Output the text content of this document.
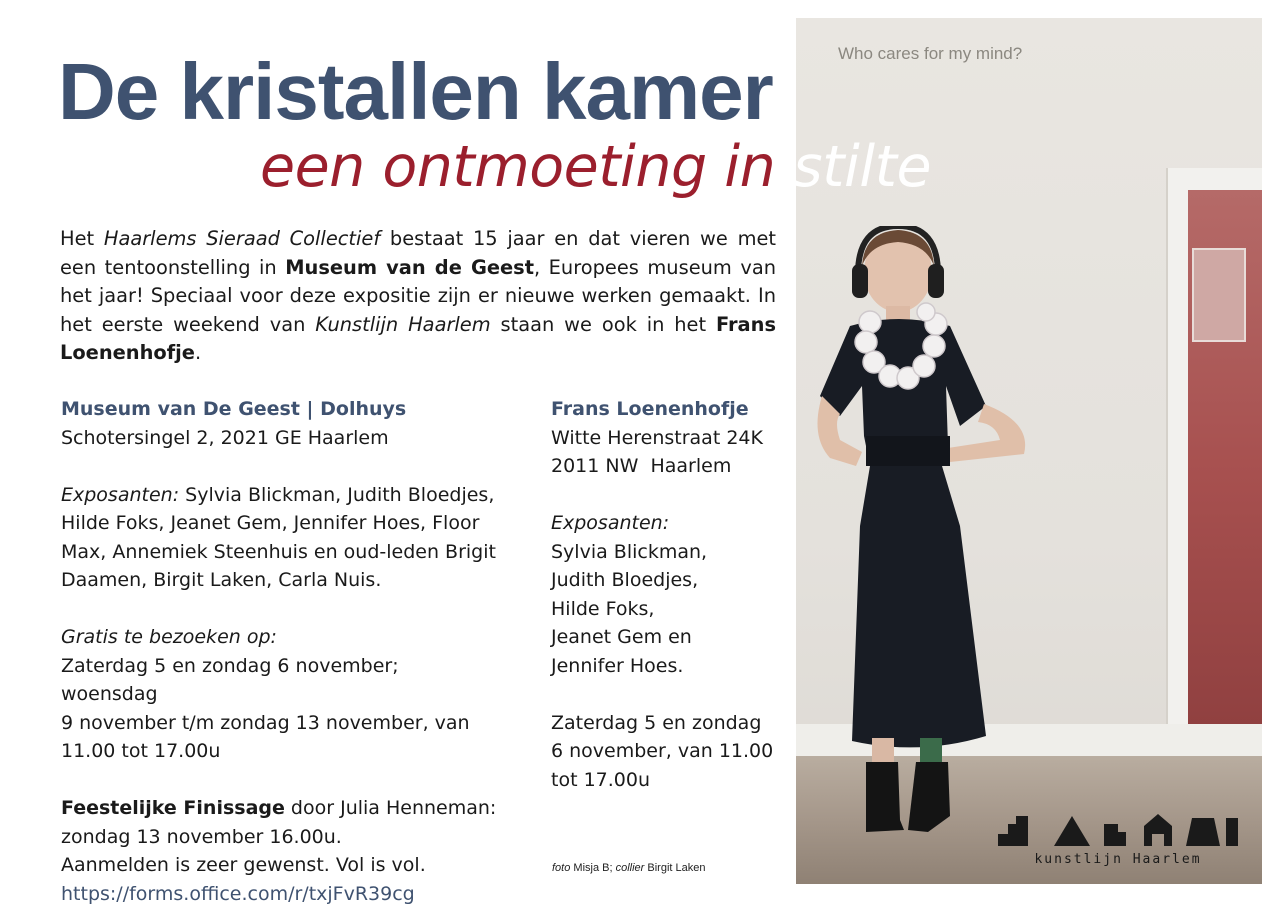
Who cares for my mind?
De kristallen kamer
een ontmoeting in stilte

Het Haarlems Sieraad Collectief bestaat 15 jaar en dat vieren we met een tentoonstelling in Museum van de Geest, Europees museum van het jaar! Speciaal voor deze expositie zijn er nieuwe werken gemaakt. In het eerste weekend van Kunstlijn Haarlem staan we ook in het Frans Loenenhofje.

Museum van De Geest | Dolhuys

Schotersingel 2, 2021 GE Haarlem

Exposanten: Sylvia Blickman, Judith Bloedjes, Hilde Foks, Jeanet Gem, Jennifer Hoes, Floor Max, Annemiek Steenhuis en oud-leden Brigit Daamen, Birgit Laken, Carla Nuis.

Gratis te bezoeken op:

Zaterdag 5 en zondag 6 november; woensdag

9 november t/m zondag 13 november, van

11.00 tot 17.00u

Feestelijke Finissage door Julia Henneman:

zondag 13 november 16.00u.

Aanmelden is zeer gewenst. Vol is vol.

https://forms.office.com/r/txjFvR39cg

Frans Loenenhofje

Witte Herenstraat 24K

2011 NW  Haarlem

Exposanten:

Sylvia Blickman,

Judith Bloedjes,

Hilde Foks,

Jeanet Gem en

Jennifer Hoes.

Zaterdag 5 en zondag

6 november, van 11.00

tot 17.00u

foto Misja B; collier Birgit Laken
kunstlijn Haarlem
